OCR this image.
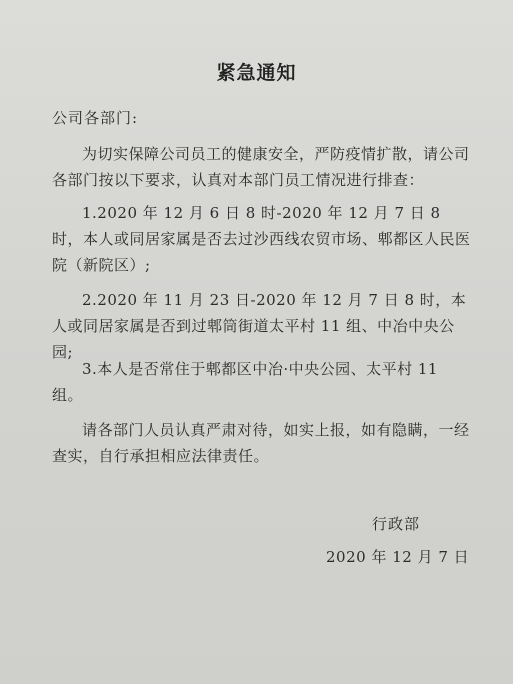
紧急通知
公司各部门:

为切实保障公司员工的健康安全，严防疫情扩散，请公司各部门按以下要求，认真对本部门员工情况进行排查：

1.2020 年 12 月 6 日 8 时-2020 年 12 月 7 日 8 时，本人或同居家属是否去过沙西线农贸市场、郫都区人民医院（新院区）;

2.2020 年 11 月 23 日-2020 年 12 月 7 日 8 时，本人或同居家属是否到过郫筒街道太平村 11 组、中冶中央公园;

3.本人是否常住于郫都区中冶·中央公园、太平村 11 组。

请各部门人员认真严肃对待，如实上报，如有隐瞒，一经查实，自行承担相应法律责任。

行政部
2020 年 12 月 7 日
